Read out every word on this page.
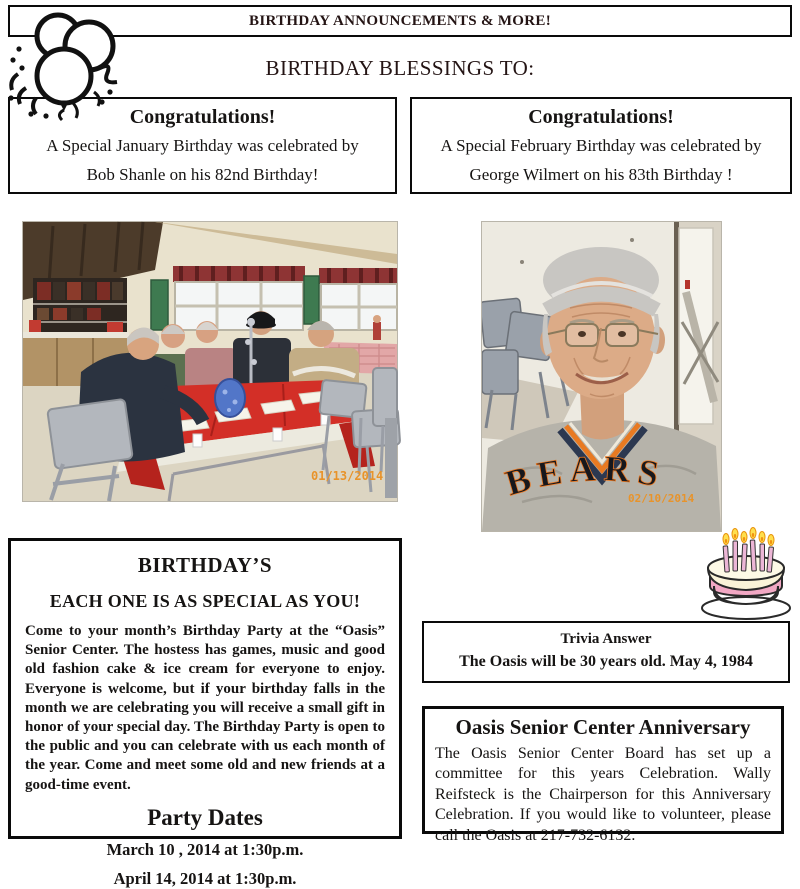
BIRTHDAY ANNOUNCEMENTS & MORE!
BIRTHDAY BLESSINGS TO:
Congratulations!
A Special January Birthday was celebrated by
Bob Shanle on his 82nd Birthday!
Congratulations!
A Special February Birthday was celebrated by
George Wilmert on his 83th Birthday !
01/13/2014	BEARS
02/10/2014
BIRTHDAY’S
EACH ONE IS AS SPECIAL AS YOU!
Come to your month’s Birthday Party at the “Oasis” Senior Center. The hostess has games, music and good old fashion cake & ice cream for everyone to enjoy. Everyone is welcome, but if your birthday falls in the month we are celebrating you will receive a small gift in honor of your special day. The Birthday Party is open to the public and you can celebrate with us each month of the year. Come and meet some old and new friends at a good-time event.
Party Dates
March 10 , 2014 at 1:30p.m.
April 14, 2014 at 1:30p.m.
Trivia Answer
The Oasis will be 30 years old. May 4, 1984
Oasis Senior Center Anniversary
The Oasis Senior Center Board has set up a committee for this years Celebration. Wally Reifsteck is the Chairperson for this Anniversary Celebration. If you would like to volunteer, please call the Oasis at 217-732-6132.
